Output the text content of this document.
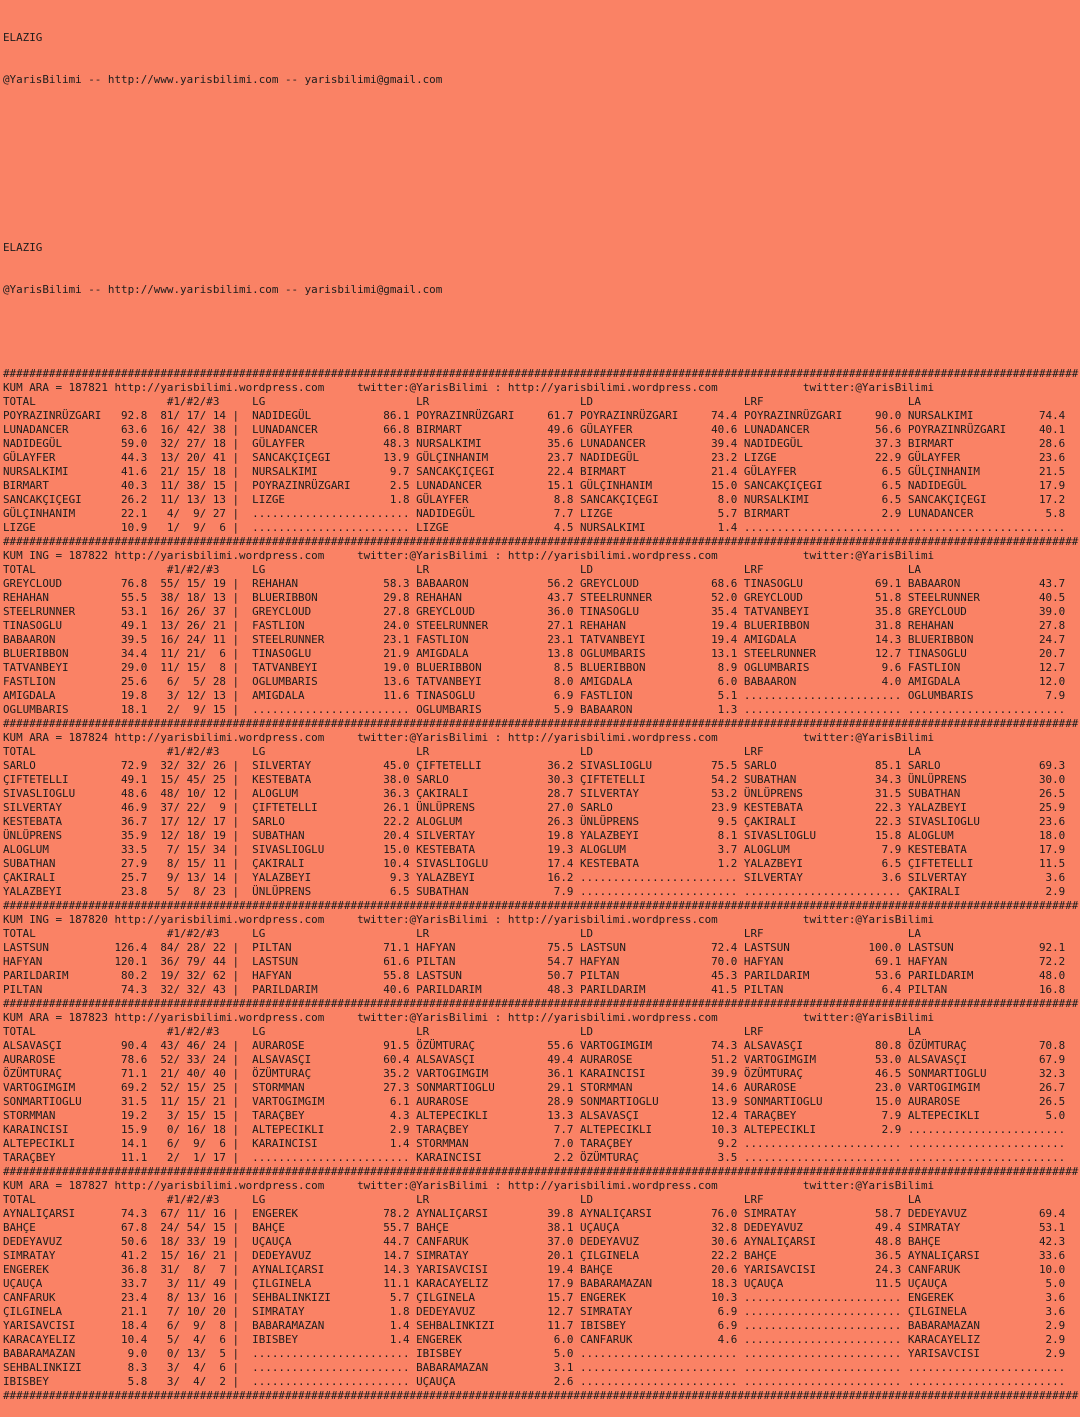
ELAZIG

@YarisBilimi -- http://www.yarisbilimi.com -- yarisbilimi@gmail.com

ELAZIG

@YarisBilimi -- http://www.yarisbilimi.com -- yarisbilimi@gmail.com

####################################################################################################################################################################
KUM ARA = 187821 http://yarisbilimi.wordpress.com     twitter:@YarisBilimi : http://yarisbilimi.wordpress.com             twitter:@YarisBilimi
TOTAL                    #1/#2/#3     LG                       LR                       LD                       LRF                      LA
POYRAZINRÜZGARI   92.8  81/ 17/ 14 |  NADIDEGÜL           86.1 POYRAZINRÜZGARI     61.7 POYRAZINRÜZGARI     74.4 POYRAZINRÜZGARI     90.0 NURSALKIMI          74.4
LUNADANCER        63.6  16/ 42/ 38 |  LUNADANCER          66.8 BIRMART             49.6 GÜLAYFER            40.6 LUNADANCER          56.6 POYRAZINRÜZGARI     40.1
NADIDEGÜL         59.0  32/ 27/ 18 |  GÜLAYFER            48.3 NURSALKIMI          35.6 LUNADANCER          39.4 NADIDEGÜL           37.3 BIRMART             28.6
GÜLAYFER          44.3  13/ 20/ 41 |  SANCAKÇIÇEGI        13.9 GÜLÇINHANIM         23.7 NADIDEGÜL           23.2 LIZGE               22.9 GÜLAYFER            23.6
NURSALKIMI        41.6  21/ 15/ 18 |  NURSALKIMI           9.7 SANCAKÇIÇEGI        22.4 BIRMART             21.4 GÜLAYFER             6.5 GÜLÇINHANIM         21.5
BIRMART           40.3  11/ 38/ 15 |  POYRAZINRÜZGARI      2.5 LUNADANCER          15.1 GÜLÇINHANIM         15.0 SANCAKÇIÇEGI         6.5 NADIDEGÜL           17.9
SANCAKÇIÇEGI      26.2  11/ 13/ 13 |  LIZGE                1.8 GÜLAYFER             8.8 SANCAKÇIÇEGI         8.0 NURSALKIMI           6.5 SANCAKÇIÇEGI        17.2
GÜLÇINHANIM       22.1   4/  9/ 27 |  ........................ NADIDEGÜL            7.7 LIZGE                5.7 BIRMART              2.9 LUNADANCER           5.8
LIZGE             10.9   1/  9/  6 |  ........................ LIZGE                4.5 NURSALKIMI           1.4 ........................ ........................
####################################################################################################################################################################
KUM ING = 187822 http://yarisbilimi.wordpress.com     twitter:@YarisBilimi : http://yarisbilimi.wordpress.com             twitter:@YarisBilimi
TOTAL                    #1/#2/#3     LG                       LR                       LD                       LRF                      LA
GREYCLOUD         76.8  55/ 15/ 19 |  REHAHAN             58.3 BABAARON            56.2 GREYCLOUD           68.6 TINASOGLU           69.1 BABAARON            43.7
REHAHAN           55.5  38/ 18/ 13 |  BLUERIBBON          29.8 REHAHAN             43.7 STEELRUNNER         52.0 GREYCLOUD           51.8 STEELRUNNER         40.5
STEELRUNNER       53.1  16/ 26/ 37 |  GREYCLOUD           27.8 GREYCLOUD           36.0 TINASOGLU           35.4 TATVANBEYI          35.8 GREYCLOUD           39.0
TINASOGLU         49.1  13/ 26/ 21 |  FASTLION            24.0 STEELRUNNER         27.1 REHAHAN             19.4 BLUERIBBON          31.8 REHAHAN             27.8
BABAARON          39.5  16/ 24/ 11 |  STEELRUNNER         23.1 FASTLION            23.1 TATVANBEYI          19.4 AMIGDALA            14.3 BLUERIBBON          24.7
BLUERIBBON        34.4  11/ 21/  6 |  TINASOGLU           21.9 AMIGDALA            13.8 OGLUMBARIS          13.1 STEELRUNNER         12.7 TINASOGLU           20.7
TATVANBEYI        29.0  11/ 15/  8 |  TATVANBEYI          19.0 BLUERIBBON           8.5 BLUERIBBON           8.9 OGLUMBARIS           9.6 FASTLION            12.7
FASTLION          25.6   6/  5/ 28 |  OGLUMBARIS          13.6 TATVANBEYI           8.0 AMIGDALA             6.0 BABAARON             4.0 AMIGDALA            12.0
AMIGDALA          19.8   3/ 12/ 13 |  AMIGDALA            11.6 TINASOGLU            6.9 FASTLION             5.1 ........................ OGLUMBARIS           7.9
OGLUMBARIS        18.1   2/  9/ 15 |  ........................ OGLUMBARIS           5.9 BABAARON             1.3 ........................ ........................
####################################################################################################################################################################
KUM ARA = 187824 http://yarisbilimi.wordpress.com     twitter:@YarisBilimi : http://yarisbilimi.wordpress.com             twitter:@YarisBilimi
TOTAL                    #1/#2/#3     LG                       LR                       LD                       LRF                      LA
SARLO             72.9  32/ 32/ 26 |  SILVERTAY           45.0 ÇIFTETELLI          36.2 SIVASLIOGLU         75.5 SARLO               85.1 SARLO               69.3
ÇIFTETELLI        49.1  15/ 45/ 25 |  KESTEBATA           38.0 SARLO               30.3 ÇIFTETELLI          54.2 SUBATHAN            34.3 ÜNLÜPRENS           30.0
SIVASLIOGLU       48.6  48/ 10/ 12 |  ALOGLUM             36.3 ÇAKIRALI            28.7 SILVERTAY           53.2 ÜNLÜPRENS           31.5 SUBATHAN            26.5
SILVERTAY         46.9  37/ 22/  9 |  ÇIFTETELLI          26.1 ÜNLÜPRENS           27.0 SARLO               23.9 KESTEBATA           22.3 YALAZBEYI           25.9
KESTEBATA         36.7  17/ 12/ 17 |  SARLO               22.2 ALOGLUM             26.3 ÜNLÜPRENS            9.5 ÇAKIRALI            22.3 SIVASLIOGLU         23.6
ÜNLÜPRENS         35.9  12/ 18/ 19 |  SUBATHAN            20.4 SILVERTAY           19.8 YALAZBEYI            8.1 SIVASLIOGLU         15.8 ALOGLUM             18.0
ALOGLUM           33.5   7/ 15/ 34 |  SIVASLIOGLU         15.0 KESTEBATA           19.3 ALOGLUM              3.7 ALOGLUM              7.9 KESTEBATA           17.9
SUBATHAN          27.9   8/ 15/ 11 |  ÇAKIRALI            10.4 SIVASLIOGLU         17.4 KESTEBATA            1.2 YALAZBEYI            6.5 ÇIFTETELLI          11.5
ÇAKIRALI          25.7   9/ 13/ 14 |  YALAZBEYI            9.3 YALAZBEYI           16.2 ........................ SILVERTAY            3.6 SILVERTAY            3.6
YALAZBEYI         23.8   5/  8/ 23 |  ÜNLÜPRENS            6.5 SUBATHAN             7.9 ........................ ........................ ÇAKIRALI             2.9
####################################################################################################################################################################
KUM ING = 187820 http://yarisbilimi.wordpress.com     twitter:@YarisBilimi : http://yarisbilimi.wordpress.com             twitter:@YarisBilimi
TOTAL                    #1/#2/#3     LG                       LR                       LD                       LRF                      LA
LASTSUN          126.4  84/ 28/ 22 |  PILTAN              71.1 HAFYAN              75.5 LASTSUN             72.4 LASTSUN            100.0 LASTSUN             92.1
HAFYAN           120.1  36/ 79/ 44 |  LASTSUN             61.6 PILTAN              54.7 HAFYAN              70.0 HAFYAN              69.1 HAFYAN              72.2
PARILDARIM        80.2  19/ 32/ 62 |  HAFYAN              55.8 LASTSUN             50.7 PILTAN              45.3 PARILDARIM          53.6 PARILDARIM          48.0
PILTAN            74.3  32/ 32/ 43 |  PARILDARIM          40.6 PARILDARIM          48.3 PARILDARIM          41.5 PILTAN               6.4 PILTAN              16.8
####################################################################################################################################################################
KUM ARA = 187823 http://yarisbilimi.wordpress.com     twitter:@YarisBilimi : http://yarisbilimi.wordpress.com             twitter:@YarisBilimi
TOTAL                    #1/#2/#3     LG                       LR                       LD                       LRF                      LA
ALSAVASÇI         90.4  43/ 46/ 24 |  AURAROSE            91.5 ÖZÜMTURAÇ           55.6 VARTOGIMGIM         74.3 ALSAVASÇI           80.8 ÖZÜMTURAÇ           70.8
AURAROSE          78.6  52/ 33/ 24 |  ALSAVASÇI           60.4 ALSAVASÇI           49.4 AURAROSE            51.2 VARTOGIMGIM         53.0 ALSAVASÇI           67.9
ÖZÜMTURAÇ         71.1  21/ 40/ 40 |  ÖZÜMTURAÇ           35.2 VARTOGIMGIM         36.1 KARAINCISI          39.9 ÖZÜMTURAÇ           46.5 SONMARTIOGLU        32.3
VARTOGIMGIM       69.2  52/ 15/ 25 |  STORMMAN            27.3 SONMARTIOGLU        29.1 STORMMAN            14.6 AURAROSE            23.0 VARTOGIMGIM         26.7
SONMARTIOGLU      31.5  11/ 15/ 21 |  VARTOGIMGIM          6.1 AURAROSE            28.9 SONMARTIOGLU        13.9 SONMARTIOGLU        15.0 AURAROSE            26.5
STORMMAN          19.2   3/ 15/ 15 |  TARAÇBEY             4.3 ALTEPECIKLI         13.3 ALSAVASÇI           12.4 TARAÇBEY             7.9 ALTEPECIKLI          5.0
KARAINCISI        15.9   0/ 16/ 18 |  ALTEPECIKLI          2.9 TARAÇBEY             7.7 ALTEPECIKLI         10.3 ALTEPECIKLI          2.9 ........................
ALTEPECIKLI       14.1   6/  9/  6 |  KARAINCISI           1.4 STORMMAN             7.0 TARAÇBEY             9.2 ........................ ........................
TARAÇBEY          11.1   2/  1/ 17 |  ........................ KARAINCISI           2.2 ÖZÜMTURAÇ            3.5 ........................ ........................
####################################################################################################################################################################
KUM ARA = 187827 http://yarisbilimi.wordpress.com     twitter:@YarisBilimi : http://yarisbilimi.wordpress.com             twitter:@YarisBilimi
TOTAL                    #1/#2/#3     LG                       LR                       LD                       LRF                      LA
AYNALIÇARSI       74.3  67/ 11/ 16 |  ENGEREK             78.2 AYNALIÇARSI         39.8 AYNALIÇARSI         76.0 SIMRATAY            58.7 DEDEYAVUZ           69.4
BAHÇE             67.8  24/ 54/ 15 |  BAHÇE               55.7 BAHÇE               38.1 UÇAUÇA              32.8 DEDEYAVUZ           49.4 SIMRATAY            53.1
DEDEYAVUZ         50.6  18/ 33/ 19 |  UÇAUÇA              44.7 CANFARUK            37.0 DEDEYAVUZ           30.6 AYNALIÇARSI         48.8 BAHÇE               42.3
SIMRATAY          41.2  15/ 16/ 21 |  DEDEYAVUZ           14.7 SIMRATAY            20.1 ÇILGINELA           22.2 BAHÇE               36.5 AYNALIÇARSI         33.6
ENGEREK           36.8  31/  8/  7 |  AYNALIÇARSI         14.3 YARISAVCISI         19.4 BAHÇE               20.6 YARISAVCISI         24.3 CANFARUK            10.0
UÇAUÇA            33.7   3/ 11/ 49 |  ÇILGINELA           11.1 KARACAYELIZ         17.9 BABARAMAZAN         18.3 UÇAUÇA              11.5 UÇAUÇA               5.0
CANFARUK          23.4   8/ 13/ 16 |  SEHBALINKIZI         5.7 ÇILGINELA           15.7 ENGEREK             10.3 ........................ ENGEREK              3.6
ÇILGINELA         21.1   7/ 10/ 20 |  SIMRATAY             1.8 DEDEYAVUZ           12.7 SIMRATAY             6.9 ........................ ÇILGINELA            3.6
YARISAVCISI       18.4   6/  9/  8 |  BABARAMAZAN          1.4 SEHBALINKIZI        11.7 IBISBEY              6.9 ........................ BABARAMAZAN          2.9
KARACAYELIZ       10.4   5/  4/  6 |  IBISBEY              1.4 ENGEREK              6.0 CANFARUK             4.6 ........................ KARACAYELIZ          2.9
BABARAMAZAN        9.0   0/ 13/  5 |  ........................ IBISBEY              5.0 ........................ ........................ YARISAVCISI          2.9
SEHBALINKIZI       8.3   3/  4/  6 |  ........................ BABARAMAZAN          3.1 ........................ ........................ ........................
IBISBEY            5.8   3/  4/  2 |  ........................ UÇAUÇA               2.6 ........................ ........................ ........................
####################################################################################################################################################################
